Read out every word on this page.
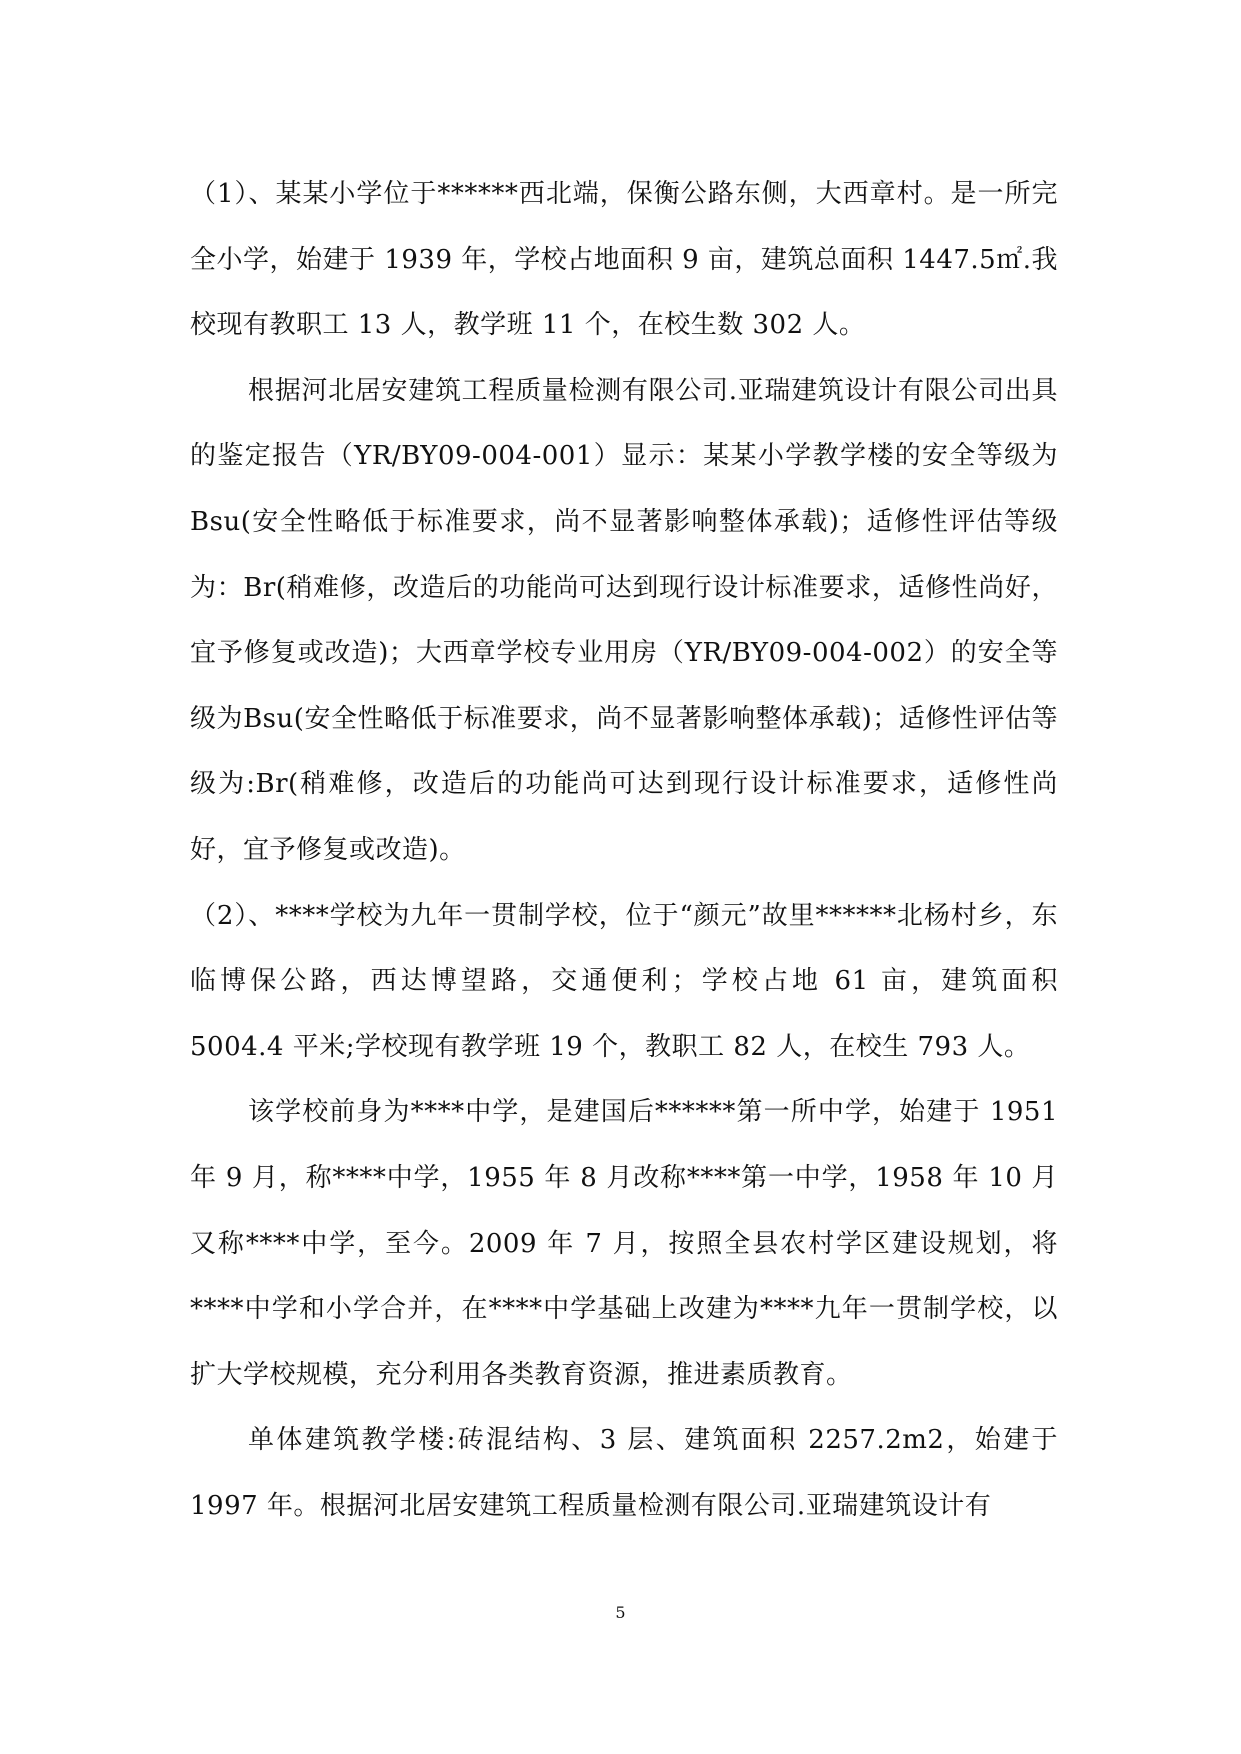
（1）、某某小学位于******西北端，保衡公路东侧，大西章村。是一所完全小学，始建于 1939 年，学校占地面积 9 亩，建筑总面积 1447.5㎡.我校现有教职工 13 人，教学班 11 个，在校生数 302 人。

根据河北居安建筑工程质量检测有限公司.亚瑞建筑设计有限公司出具的鉴定报告（YR/BY09-004-001）显示：某某小学教学楼的安全等级为Bsu(安全性略低于标准要求，尚不显著影响整体承载)；适修性评估等级为：Br(稍难修，改造后的功能尚可达到现行设计标准要求，适修性尚好，宜予修复或改造)；大西章学校专业用房（YR/BY09-004-002）的安全等级为Bsu(安全性略低于标准要求，尚不显著影响整体承载)；适修性评估等级为:Br(稍难修，改造后的功能尚可达到现行设计标准要求，适修性尚好，宜予修复或改造)。

（2）、****学校为九年一贯制学校，位于“颜元”故里******北杨村乡，东临博保公路，西达博望路，交通便利；学校占地 61 亩，建筑面积 5004.4 平米;学校现有教学班 19 个，教职工 82 人，在校生 793 人。

该学校前身为****中学，是建国后******第一所中学，始建于 1951 年 9 月，称****中学，1955 年 8 月改称****第一中学，1958 年 10 月又称****中学，至今。2009 年 7 月，按照全县农村学区建设规划，将****中学和小学合并，在****中学基础上改建为****九年一贯制学校，以扩大学校规模，充分利用各类教育资源，推进素质教育。

单体建筑教学楼:砖混结构、3 层、建筑面积 2257.2m2，始建于 1997 年。根据河北居安建筑工程质量检测有限公司.亚瑞建筑设计有

5
